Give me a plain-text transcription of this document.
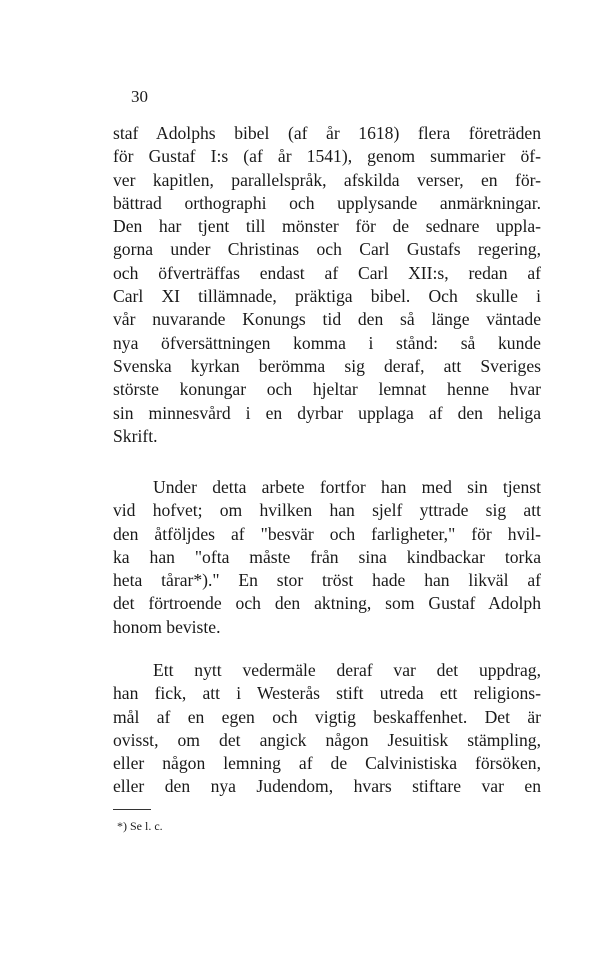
30
staf Adolphs bibel (af år 1618) flera företräden
för Gustaf I:s (af år 1541), genom summarier öf-
ver kapitlen, parallelspråk, afskilda verser, en för-
bättrad orthographi och upplysande anmärkningar.
Den har tjent till mönster för de sednare uppla-
gorna under Christinas och Carl Gustafs regering,
och öfverträffas endast af Carl XII:s, redan af
Carl XI tillämnade, präktiga bibel. Och skulle i
vår nuvarande Konungs tid den så länge väntade
nya öfversättningen komma i stånd: så kunde
Svenska kyrkan berömma sig deraf, att Sveriges
störste konungar och hjeltar lemnat henne hvar
sin minnesvård i en dyrbar upplaga af den heliga
Skrift.
Under detta arbete fortfor han med sin tjenst
vid hofvet; om hvilken han sjelf yttrade sig att
den åtföljdes af "besvär och farligheter," för hvil-
ka han "ofta måste från sina kindbackar torka
heta tårar*)." En stor tröst hade han likväl af
det förtroende och den aktning, som Gustaf Adolph
honom beviste.
Ett nytt vedermäle deraf var det uppdrag,
han fick, att i Westerås stift utreda ett religions-
mål af en egen och vigtig beskaffenhet. Det är
ovisst, om det angick någon Jesuitisk stämpling,
eller någon lemning af de Calvinistiska försöken,
eller den nya Judendom, hvars stiftare var en
*) Se l. c.
